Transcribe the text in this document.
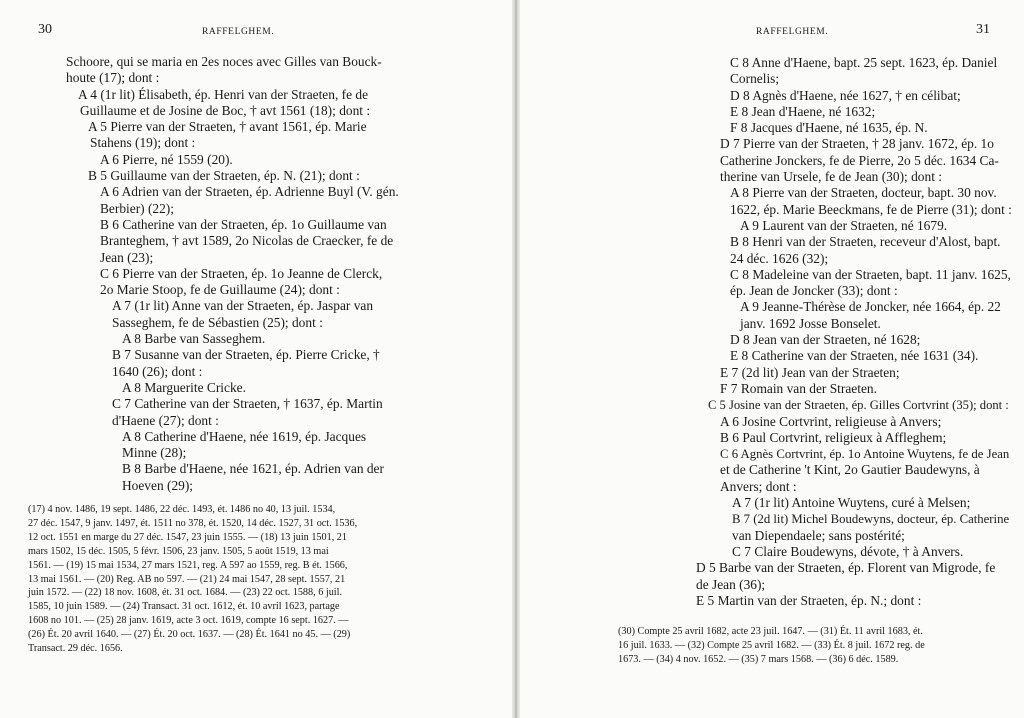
30	RAFFELGHEM.
Schoore, qui se maria en 2es noces avec Gilles van Bouck-
houte (17); dont :
A 4 (1r lit) Élisabeth, ép. Henri van der Straeten, fe de
Guillaume et de Josine de Boc, † avt 1561 (18); dont :
A 5 Pierre van der Straeten, † avant 1561, ép. Marie
Stahens (19); dont :
A 6 Pierre, né 1559 (20).
B 5 Guillaume van der Straeten, ép. N. (21); dont :
A 6 Adrien van der Straeten, ép. Adrienne Buyl (V. gén.
Berbier) (22);
B 6 Catherine van der Straeten, ép. 1o Guillaume van
Branteghem, † avt 1589, 2o Nicolas de Craecker, fe de
Jean (23);
C 6 Pierre van der Straeten, ép. 1o Jeanne de Clerck,
2o Marie Stoop, fe de Guillaume (24); dont :
A 7 (1r lit) Anne van der Straeten, ép. Jaspar van
Sasseghem, fe de Sébastien (25); dont :
A 8 Barbe van Sasseghem.
B 7 Susanne van der Straeten, ép. Pierre Cricke, †
1640 (26); dont :
A 8 Marguerite Cricke.
C 7 Catherine van der Straeten, † 1637, ép. Martin
d'Haene (27); dont :
A 8 Catherine d'Haene, née 1619, ép. Jacques
Minne (28);
B 8 Barbe d'Haene, née 1621, ép. Adrien van der
Hoeven (29);
(17) 4 nov. 1486, 19 sept. 1486, 22 déc. 1493, ét. 1486 no 40, 13 juil. 1534,
27 déc. 1547, 9 janv. 1497, ét. 1511 no 378, ét. 1520, 14 déc. 1527, 31 oct. 1536,
12 oct. 1551 en marge du 27 déc. 1547, 23 juin 1555. — (18) 13 juin 1501, 21
mars 1502, 15 déc. 1505, 5 févr. 1506, 23 janv. 1505, 5 août 1519, 13 mai
1561. — (19) 15 mai 1534, 27 mars 1521, reg. A 597 ao 1559, reg. B ét. 1566,
13 mai 1561. — (20) Reg. AB no 597. — (21) 24 mai 1547, 28 sept. 1557, 21
juin 1572. — (22) 18 nov. 1608, ét. 31 oct. 1684. — (23) 22 oct. 1588, 6 juil.
1585, 10 juin 1589. — (24) Transact. 31 oct. 1612, ét. 10 avril 1623, partage
1608 no 101. — (25) 28 janv. 1619, acte 3 oct. 1619, compte 16 sept. 1627. —
(26) Ét. 20 avril 1640. — (27) Ét. 20 oct. 1637. — (28) Ét. 1641 no 45. — (29)
Transact. 29 déc. 1656.
RAFFELGHEM.	31
C 8 Anne d'Haene, bapt. 25 sept. 1623, ép. Daniel
Cornelis;
D 8 Agnès d'Haene, née 1627, † en célibat;
E 8 Jean d'Haene, né 1632;
F 8 Jacques d'Haene, né 1635, ép. N.
D 7 Pierre van der Straeten, † 28 janv. 1672, ép. 1o
Catherine Jonckers, fe de Pierre, 2o 5 déc. 1634 Ca-
therine van Ursele, fe de Jean (30); dont :
A 8 Pierre van der Straeten, docteur, bapt. 30 nov.
1622, ép. Marie Beeckmans, fe de Pierre (31); dont :
A 9 Laurent van der Straeten, né 1679.
B 8 Henri van der Straeten, receveur d'Alost, bapt.
24 déc. 1626 (32);
C 8 Madeleine van der Straeten, bapt. 11 janv. 1625,
ép. Jean de Joncker (33); dont :
A 9 Jeanne-Thérèse de Joncker, née 1664, ép. 22
janv. 1692 Josse Bonselet.
D 8 Jean van der Straeten, né 1628;
E 8 Catherine van der Straeten, née 1631 (34).
E 7 (2d lit) Jean van der Straeten;
F 7 Romain van der Straeten.
C 5 Josine van der Straeten, ép. Gilles Cortvrint (35); dont :
A 6 Josine Cortvrint, religieuse à Anvers;
B 6 Paul Cortvrint, religieux à Affleghem;
C 6 Agnès Cortvrint, ép. 1o Antoine Wuytens, fe de Jean
et de Catherine 't Kint, 2o Gautier Baudewyns, à
Anvers; dont :
A 7 (1r lit) Antoine Wuytens, curé à Melsen;
B 7 (2d lit) Michel Boudewyns, docteur, ép. Catherine
van Diependaele; sans postérité;
C 7 Claire Boudewyns, dévote, † à Anvers.
D 5 Barbe van der Straeten, ép. Florent van Migrode, fe
de Jean (36);
E 5 Martin van der Straeten, ép. N.; dont :
(30) Compte 25 avril 1682, acte 23 juil. 1647. — (31) Ét. 11 avril 1683, ét.
16 juil. 1633. — (32) Compte 25 avril 1682. — (33) Ét. 8 juil. 1672 reg. de
1673. — (34) 4 nov. 1652. — (35) 7 mars 1568. — (36) 6 déc. 1589.
